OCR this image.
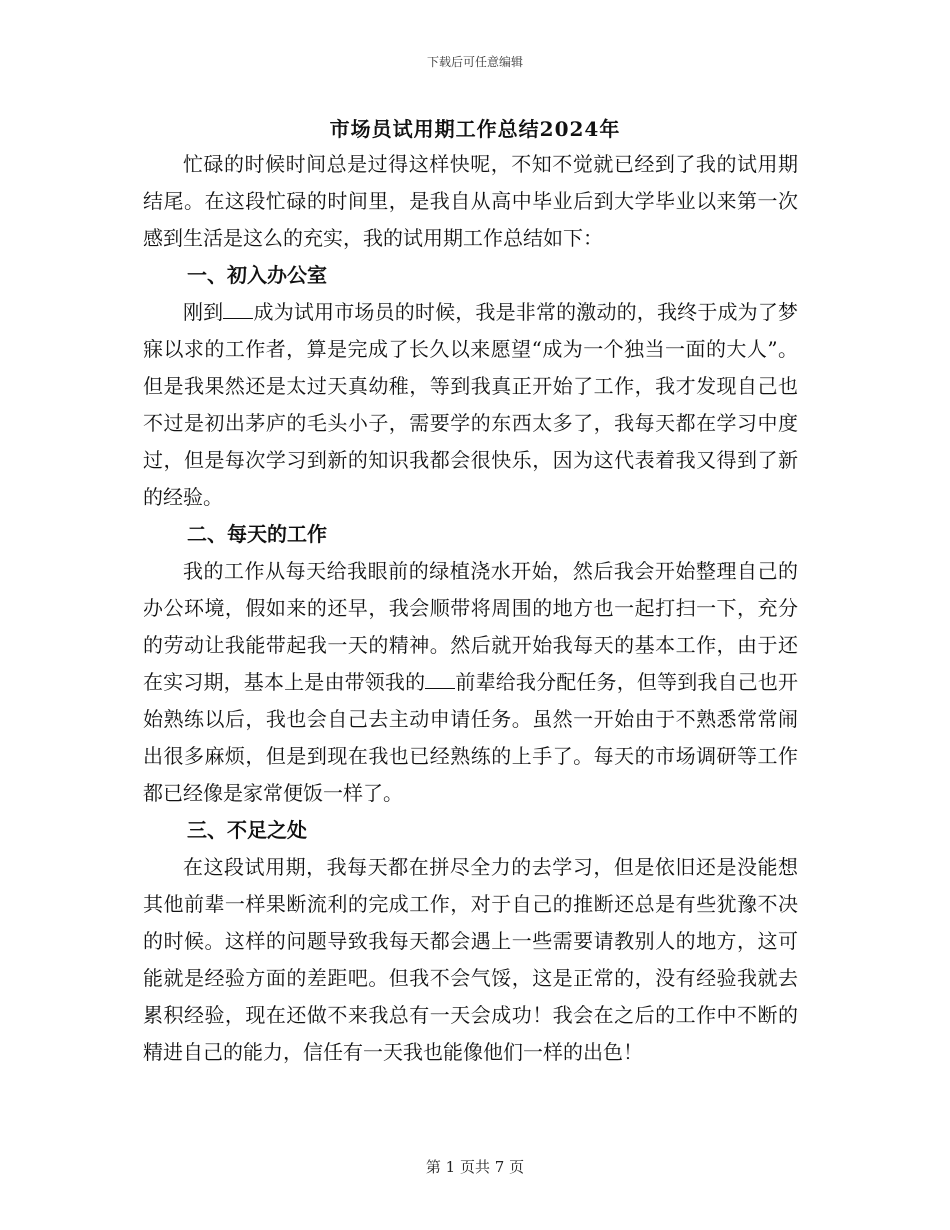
下载后可任意编辑
市场员试用期工作总结2024年

忙碌的时候时间总是过得这样快呢，不知不觉就已经到了我的试用期结尾。在这段忙碌的时间里，是我自从高中毕业后到大学毕业以来第一次感到生活是这么的充实，我的试用期工作总结如下：

一、初入办公室

刚到 成为试用市场员的时候，我是非常的激动的，我终于成为了梦寐以求的工作者，算是完成了长久以来愿望“成为一个独当一面的大人”。但是我果然还是太过天真幼稚，等到我真正开始了工作，我才发现自己也不过是初出茅庐的毛头小子，需要学的东西太多了，我每天都在学习中度过，但是每次学习到新的知识我都会很快乐，因为这代表着我又得到了新的经验。

二、每天的工作

我的工作从每天给我眼前的绿植浇水开始，然后我会开始整理自己的办公环境，假如来的还早，我会顺带将周围的地方也一起打扫一下，充分的劳动让我能带起我一天的精神。然后就开始我每天的基本工作，由于还在实习期，基本上是由带领我的 前辈给我分配任务，但等到我自己也开始熟练以后，我也会自己去主动申请任务。虽然一开始由于不熟悉常常闹出很多麻烦，但是到现在我也已经熟练的上手了。每天的市场调研等工作都已经像是家常便饭一样了。

三、不足之处

在这段试用期，我每天都在拼尽全力的去学习，但是依旧还是没能想其他前辈一样果断流利的完成工作，对于自己的推断还总是有些犹豫不决的时候。这样的问题导致我每天都会遇上一些需要请教别人的地方，这可能就是经验方面的差距吧。但我不会气馁，这是正常的，没有经验我就去累积经验，现在还做不来我总有一天会成功！我会在之后的工作中不断的精进自己的能力，信任有一天我也能像他们一样的出色！

第 1 页共 7 页
